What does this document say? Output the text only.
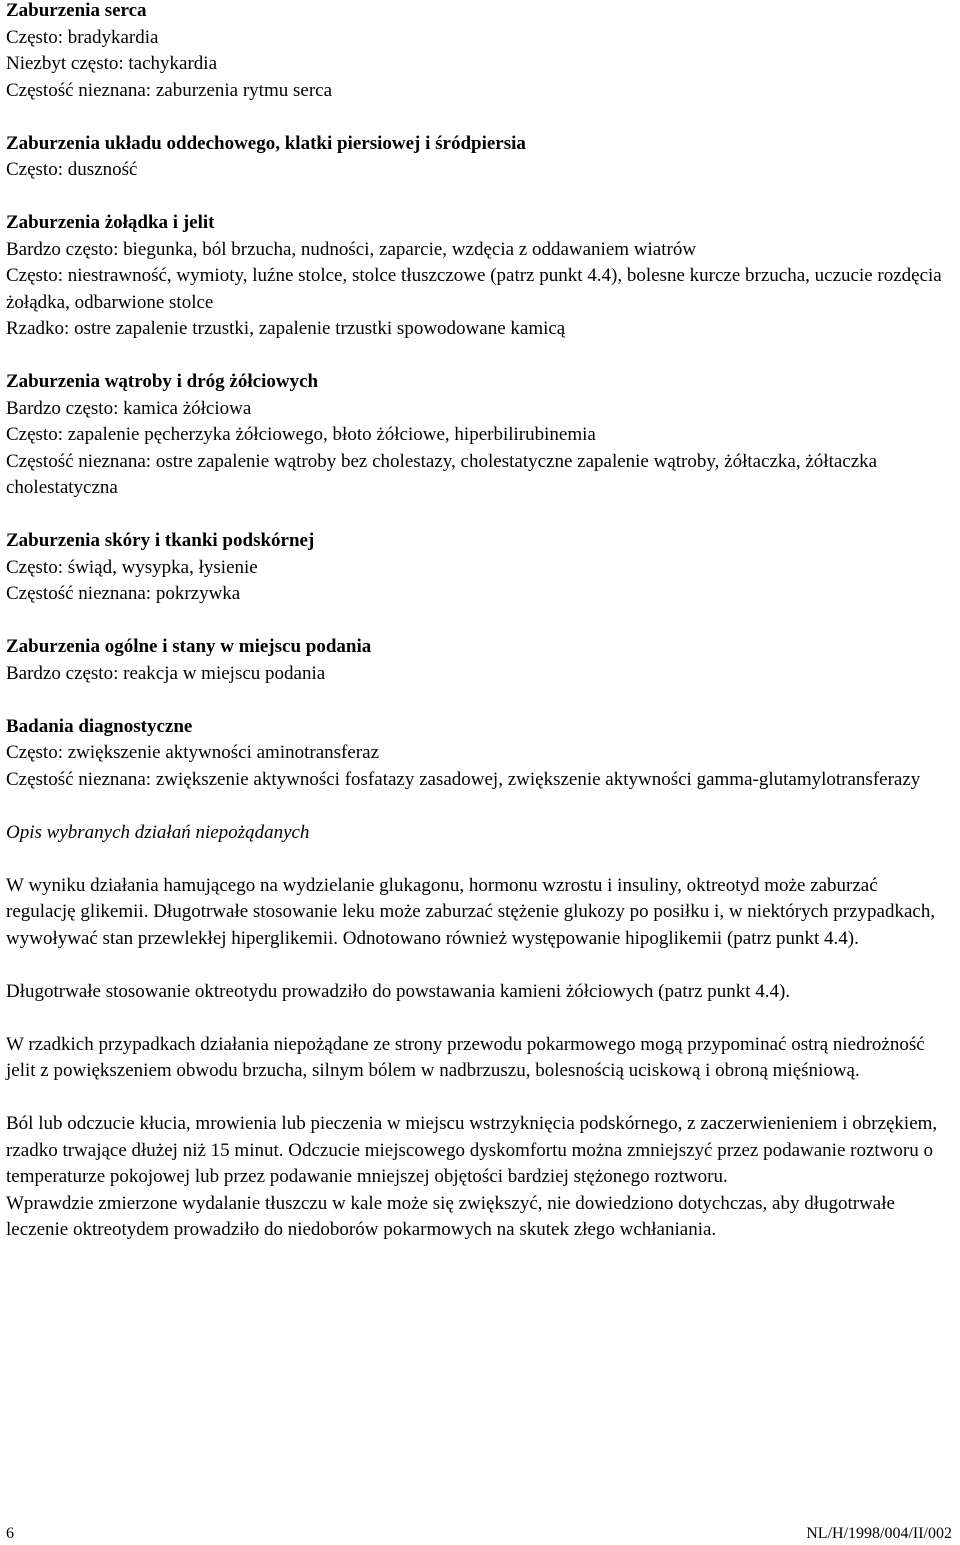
Zaburzenia serca
Często: bradykardia
Niezbyt często: tachykardia
Częstość nieznana: zaburzenia rytmu serca
Zaburzenia układu oddechowego, klatki piersiowej i śródpiersia
Często: duszność
Zaburzenia żołądka i jelit
Bardzo często: biegunka, ból brzucha, nudności, zaparcie, wzdęcia z oddawaniem wiatrów
Często: niestrawność, wymioty, luźne stolce, stolce tłuszczowe (patrz punkt 4.4), bolesne kurcze brzucha, uczucie rozdęcia żołądka, odbarwione stolce
Rzadko: ostre zapalenie trzustki, zapalenie trzustki spowodowane kamicą
Zaburzenia wątroby i dróg żółciowych
Bardzo często: kamica żółciowa
Często: zapalenie pęcherzyka żółciowego, błoto żółciowe, hiperbilirubinemia
Częstość nieznana: ostre zapalenie wątroby bez cholestazy, cholestatyczne zapalenie wątroby, żółtaczka, żółtaczka cholestatyczna
Zaburzenia skóry i tkanki podskórnej
Często: świąd, wysypka, łysienie
Częstość nieznana: pokrzywka
Zaburzenia ogólne i stany w miejscu podania
Bardzo często: reakcja w miejscu podania
Badania diagnostyczne
Często: zwiększenie aktywności aminotransferaz
Częstość nieznana: zwiększenie aktywności fosfatazy zasadowej, zwiększenie aktywności gamma-glutamylotransferazy
Opis wybranych działań niepożądanych

W wyniku działania hamującego na wydzielanie glukagonu, hormonu wzrostu i insuliny, oktreotyd może zaburzać regulację glikemii. Długotrwałe stosowanie leku może zaburzać stężenie glukozy po posiłku i, w niektórych przypadkach, wywoływać stan przewlekłej hiperglikemii. Odnotowano również występowanie hipoglikemii (patrz punkt 4.4).

Długotrwałe stosowanie oktreotydu prowadziło do powstawania kamieni żółciowych (patrz punkt 4.4).

W rzadkich przypadkach działania niepożądane ze strony przewodu pokarmowego mogą przypominać ostrą niedrożność jelit z powiększeniem obwodu brzucha, silnym bólem w nadbrzuszu, bolesnością uciskową i obroną mięśniową.

Ból lub odczucie kłucia, mrowienia lub pieczenia w miejscu wstrzyknięcia podskórnego, z zaczerwienieniem i obrzękiem, rzadko trwające dłużej niż 15 minut. Odczucie miejscowego dyskomfortu można zmniejszyć przez podawanie roztworu o temperaturze pokojowej lub przez podawanie mniejszej objętości bardziej stężonego roztworu.

Wprawdzie zmierzone wydalanie tłuszczu w kale może się zwiększyć, nie dowiedziono dotychczas, aby długotrwałe leczenie oktreotydem prowadziło do niedoborów pokarmowych na skutek złego wchłaniania.

6	NL/H/1998/004/II/002
